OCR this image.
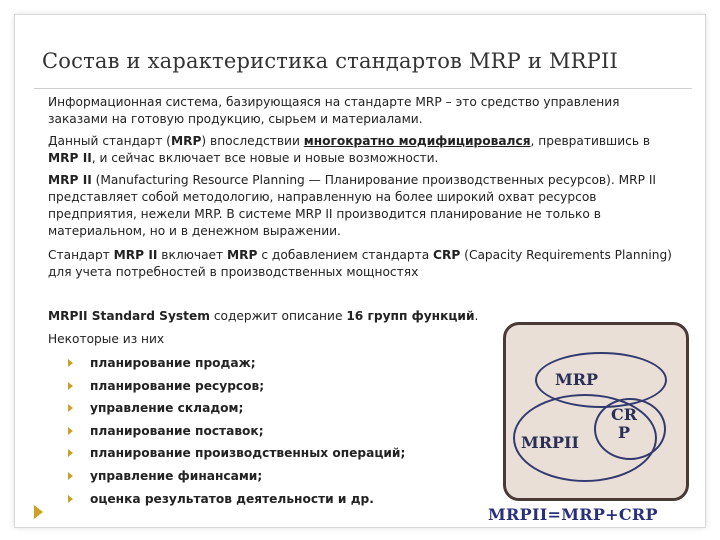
Состав и характеристика стандартов MRP и MRPII
Информационная система, базирующаяся на стандарте MRP – это средство управления заказами на готовую продукцию, сырьем и материалами.
Данный стандарт (MRP) впоследствии многократно модифицировался, превратившись в MRP II, и сейчас включает все новые и новые возможности.
MRP II (Manufacturing Resource Planning — Планирование производственных ресурсов). MRP II представляет собой методологию, направленную на более широкий охват ресурсов предприятия, нежели MRP. В системе MRP II производится планирование не только в материальном, но и в денежном выражении.
Стандарт MRP II включает MRP с добавлением стандарта CRP (Capacity Requirements Planning) для учета потребностей в производственных мощностях
MRPII Standard System содержит описание 16 групп функций.
Некоторые из них
планирование продаж;
планирование ресурсов;
управление складом;
планирование поставок;
планирование производственных операций;
управление финансами;
оценка результатов деятельности и др.
MRP
MRPII
CR
P
MRPII=MRP+CRP
